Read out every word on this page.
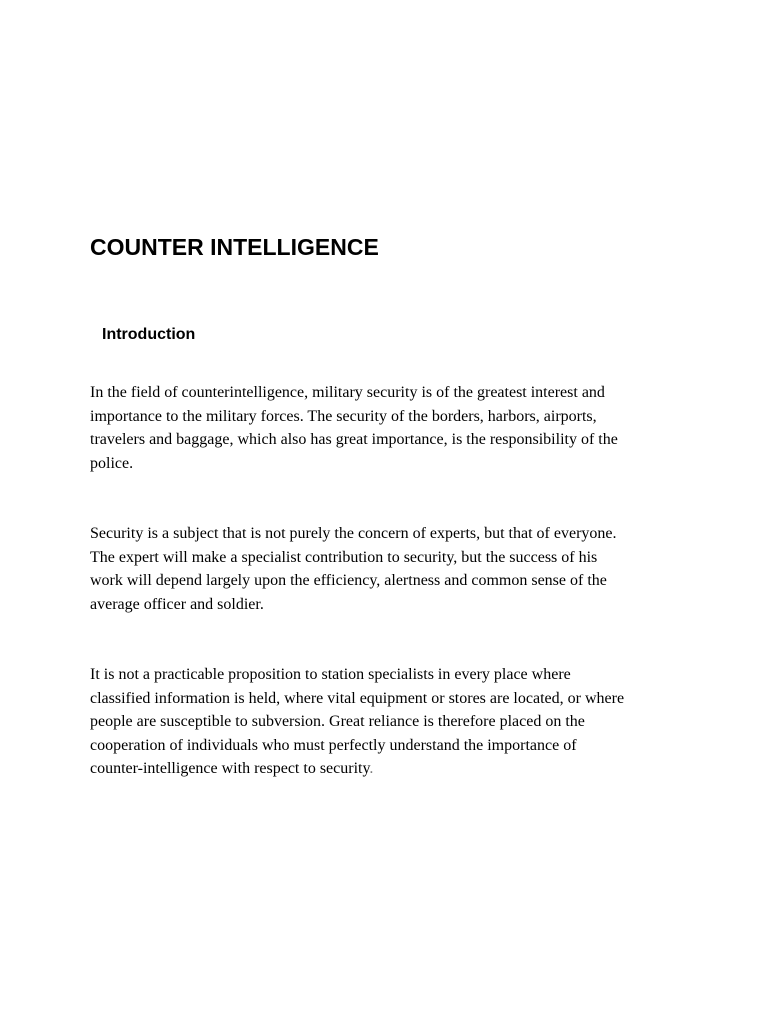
COUNTER INTELLIGENCE
Introduction

In the field of counterintelligence, military security is of the greatest interest and
importance to the military forces. The security of the borders, harbors, airports,
travelers and baggage, which also has great importance, is the responsibility of the
police.

Security is a subject that is not purely the concern of experts, but that of everyone.
The expert will make a specialist contribution to security, but the success of his
work will depend largely upon the efficiency, alertness and common sense of the
average officer and soldier.

It is not a practicable proposition to station specialists in every place where
classified information is held, where vital equipment or stores are located, or where
people are susceptible to subversion. Great reliance is therefore placed on the
cooperation of individuals who must perfectly understand the importance of
counter-intelligence with respect to security.
